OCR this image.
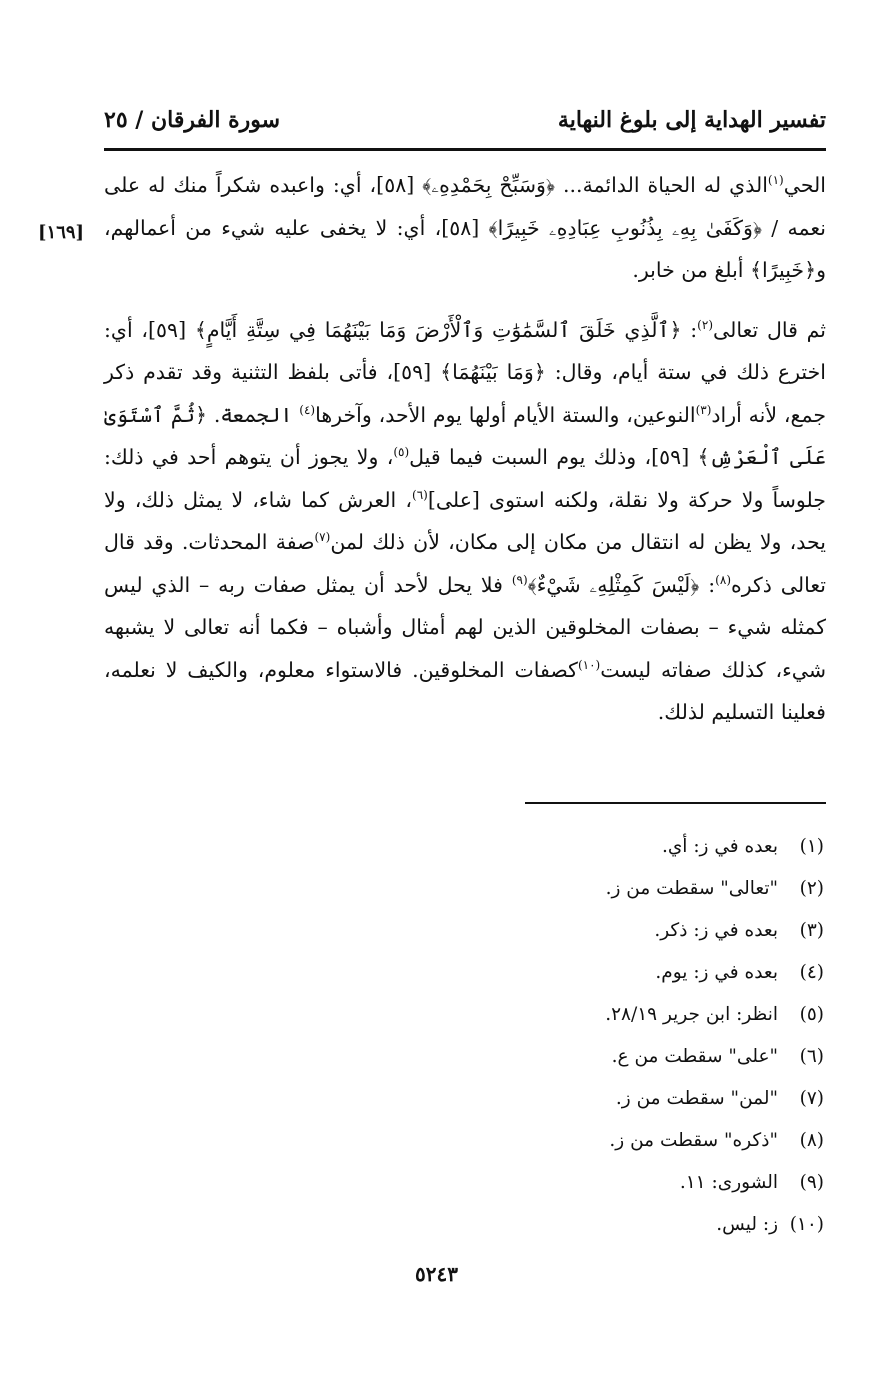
تفسير الهداية إلى بلوغ النهاية
سورة الفرقان / ٢٥
[١٦٩]

الحي$^{(١)}$الذي له الحياة الدائمة... ﴿وَسَبِّحْ بِحَمْدِهِۦ﴾ [٥٨]، أي: واعبده شكراً منك له على نعمه / ﴿وَكَفَىٰ بِهِۦ بِذُنُوبِ عِبَادِهِۦ خَبِيرًا﴾ [٥٨]، أي: لا يخفى عليه شيء من أعمالهم، و﴿خَبِيرًا﴾ أبلغ من خابر.

ثم قال تعالى$^{(٢)}$: ﴿ٱلَّذِي خَلَقَ ٱلسَّمَٰوَٰتِ وَٱلْأَرْضَ وَمَا بَيْنَهُمَا فِي سِتَّةِ أَيَّامٍ﴾ [٥٩]، أي: اخترع ذلك في ستة أيام، وقال: ﴿وَمَا بَيْنَهُمَا﴾ [٥٩]، فأتى بلفظ التثنية وقد تقدم ذكر جمع، لأنه أراد$^{(٣)}$النوعين، والستة الأيام أولها يوم الأحد، وآخرها$^{(٤)}$ الجمعة. ﴿ثُمَّ ٱسْتَوَىٰ عَلَى ٱلْعَرْشِ﴾ [٥٩]، وذلك يوم السبت فيما قيل$^{(٥)}$، ولا يجوز أن يتوهم أحد في ذلك: جلوساً ولا حركة ولا نقلة، ولكنه استوى [على]$^{(٦)}$، العرش كما شاء، لا يمثل ذلك، ولا يحد، ولا يظن له انتقال من مكان إلى مكان، لأن ذلك لمن$^{(٧)}$صفة المحدثات. وقد قال تعالى ذكره$^{(٨)}$: ﴿لَيْسَ كَمِثْلِهِۦ شَيْءٌ﴾$^{(٩)}$ فلا يحل لأحد أن يمثل صفات ربه – الذي ليس كمثله شيء – بصفات المخلوقين الذين لهم أمثال وأشباه – فكما أنه تعالى لا يشبهه شيء، كذلك صفاته ليست$^{(١٠)}$كصفات المخلوقين. فالاستواء معلوم، والكيف لا نعلمه، فعلينا التسليم لذلك.

(١)
بعده في ز: أي.
(٢)
"تعالى" سقطت من ز.
(٣)
بعده في ز: ذكر.
(٤)
بعده في ز: يوم.
(٥)
انظر: ابن جرير ٢٨/١٩.
(٦)
"على" سقطت من ع.
(٧)
"لمن" سقطت من ز.
(٨)
"ذكره" سقطت من ز.
(٩)
الشورى: ١١.
(١٠)
ز: ليس.
٥٢٤٣
